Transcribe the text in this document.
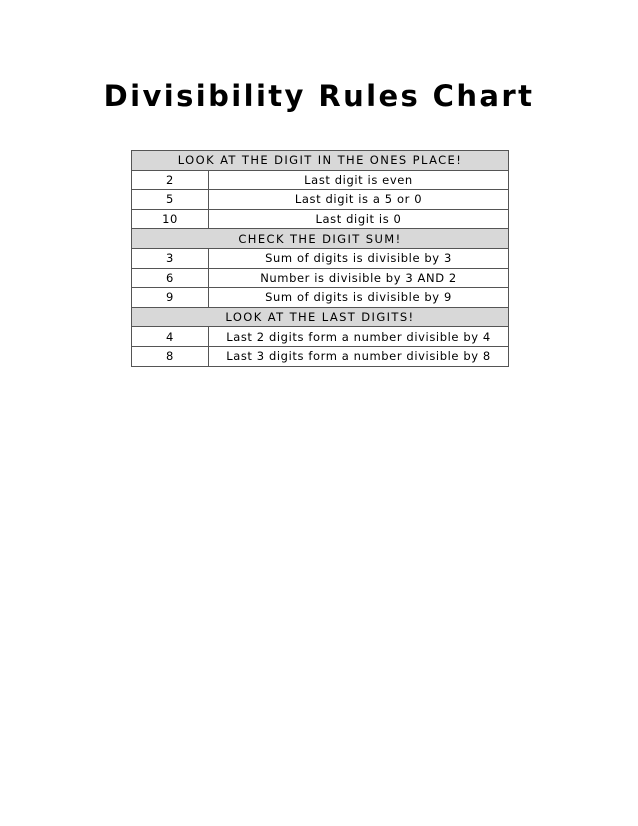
Divisibility Rules Chart
LOOK AT THE DIGIT IN THE ONES PLACE!	
2	Last digit is even
5	Last digit is a 5 or 0
10	Last digit is 0
CHECK THE DIGIT SUM!	
3	Sum of digits is divisible by 3
6	Number is divisible by 3 AND 2
9	Sum of digits is divisible by 9
LOOK AT THE LAST DIGITS!	
4	Last 2 digits form a number divisible by 4
8	Last 3 digits form a number divisible by 8
